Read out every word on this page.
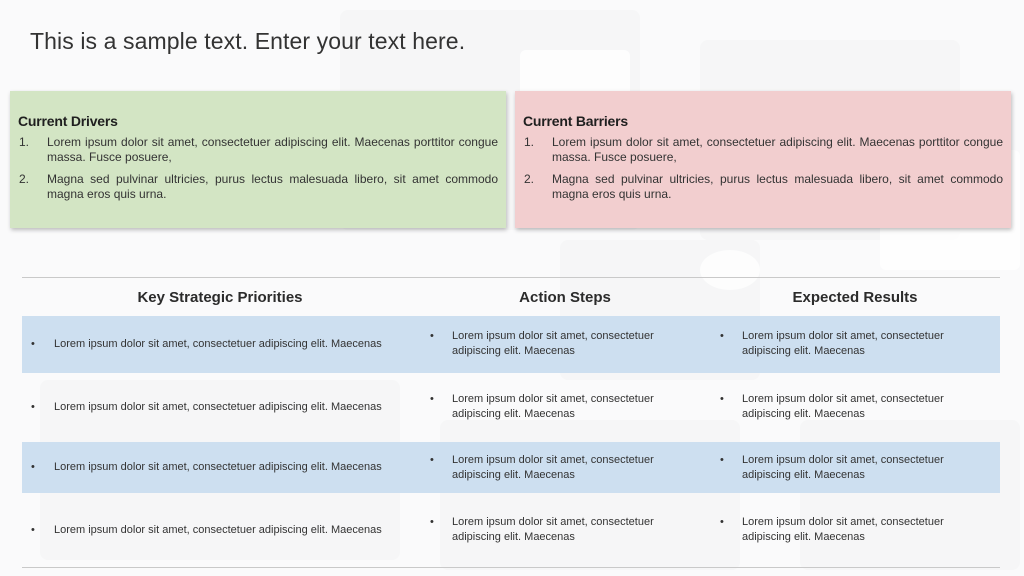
This is a sample text. Enter your text here.
Current Drivers
1. Lorem ipsum dolor sit amet, consectetuer adipiscing elit. Maecenas porttitor congue massa. Fusce posuere,
2. Magna sed pulvinar ultricies, purus lectus malesuada libero, sit amet commodo magna eros quis urna.
Current Barriers
1. Lorem ipsum dolor sit amet, consectetuer adipiscing elit. Maecenas porttitor congue massa. Fusce posuere,
2. Magna sed pulvinar ultricies, purus lectus malesuada libero, sit amet commodo magna eros quis urna.
Key Strategic Priorities	Action Steps	Expected Results
• Lorem ipsum dolor sit amet, consectetuer adipiscing elit. Maecenas
• Lorem ipsum dolor sit amet, consectetuer
adipiscing elit. Maecenas
• Lorem ipsum dolor sit amet, consectetuer
adipiscing elit. Maecenas
• Lorem ipsum dolor sit amet, consectetuer adipiscing elit. Maecenas
• Lorem ipsum dolor sit amet, consectetuer
adipiscing elit. Maecenas
• Lorem ipsum dolor sit amet, consectetuer
adipiscing elit. Maecenas
• Lorem ipsum dolor sit amet, consectetuer adipiscing elit. Maecenas
• Lorem ipsum dolor sit amet, consectetuer
adipiscing elit. Maecenas
• Lorem ipsum dolor sit amet, consectetuer
adipiscing elit. Maecenas
• Lorem ipsum dolor sit amet, consectetuer adipiscing elit. Maecenas
• Lorem ipsum dolor sit amet, consectetuer
adipiscing elit. Maecenas
• Lorem ipsum dolor sit amet, consectetuer
adipiscing elit. Maecenas
